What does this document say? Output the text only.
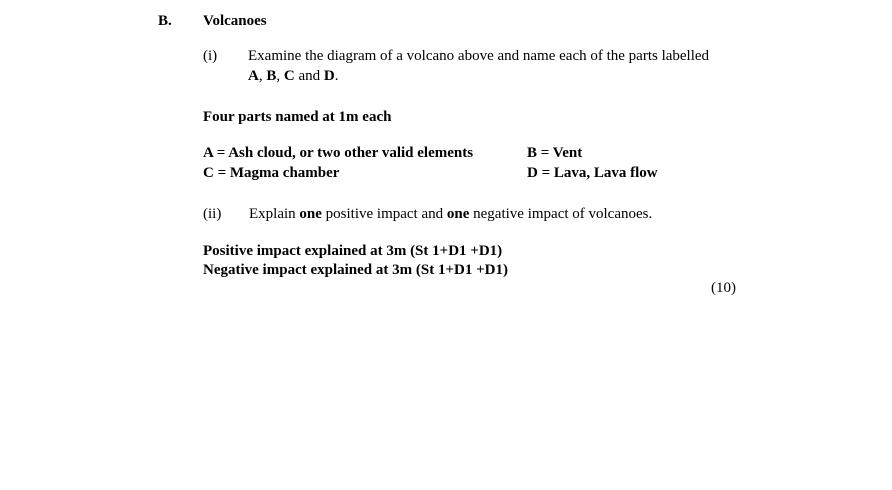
B. Volcanoes
(i) Examine the diagram of a volcano above and name each of the parts labelled
A, B, C and D.
Four parts named at 1m each
A = Ash cloud, or two other valid elements	B = Vent
C = Magma chamber	D = Lava, Lava flow
(ii) Explain one positive impact and one negative impact of volcanoes.
Positive impact explained at 3m (St 1+D1 +D1)
Negative impact explained at 3m (St 1+D1 +D1)
(10)
